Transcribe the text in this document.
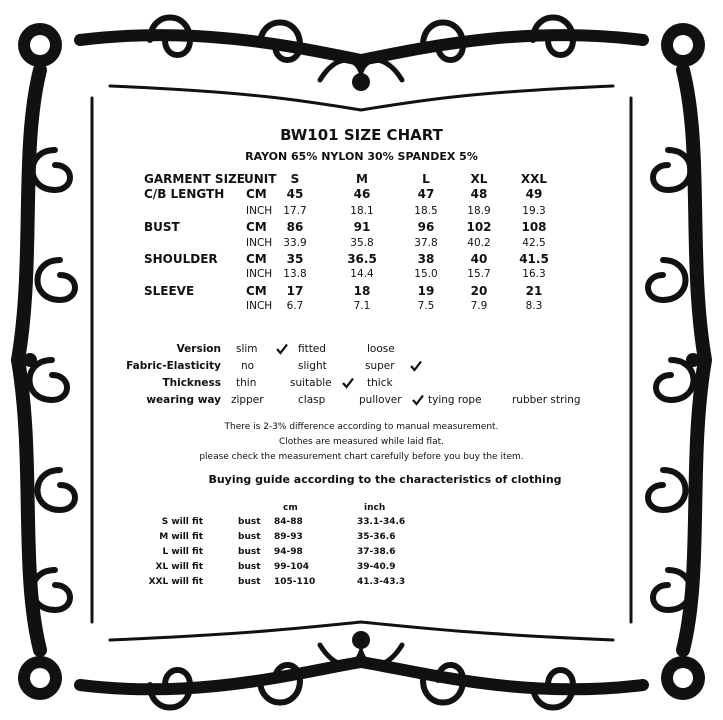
BW101 SIZE CHART
RAYON 65% NYLON 30% SPANDEX 5%
GARMENT SIZE UNIT	S	M	L	XL	XXL
C/B LENGTH CM	45	46	47	48	49
INCH	17.7	18.1	18.5	18.9	19.3
BUST	CM	86	91	96	102	108
INCH	33.9	35.8	37.8	40.2	42.5
SHOULDER CM	35	36.5	38	40	41.5
INCH	13.8	14.4	15.0	15.7	16.3
SLEEVE	CM	17	18	19	20	21
INCH	6.7	7.1	7.5	7.9	8.3
Version slim	fitted	loose
Fabric-Elasticity no	slight	super
Thickness thin	suitable	thick
wearing way zipper	clasp	pullover	tying rope	rubber string
There is 2-3% difference according to manual measurement.
Clothes are measured while laid flat.
please check the measurement chart carefully before you buy the item.
Buying guide according to the characteristics of clothing
cm	inch
S will fit	bust 84-88	33.1-34.6
M will fit	bust 89-93	35-36.6
L will fit	bust 94-98	37-38.6
XL will fit	bust 99-104	39-40.9
XXL will fit	bust 105-110	41.3-43.3
